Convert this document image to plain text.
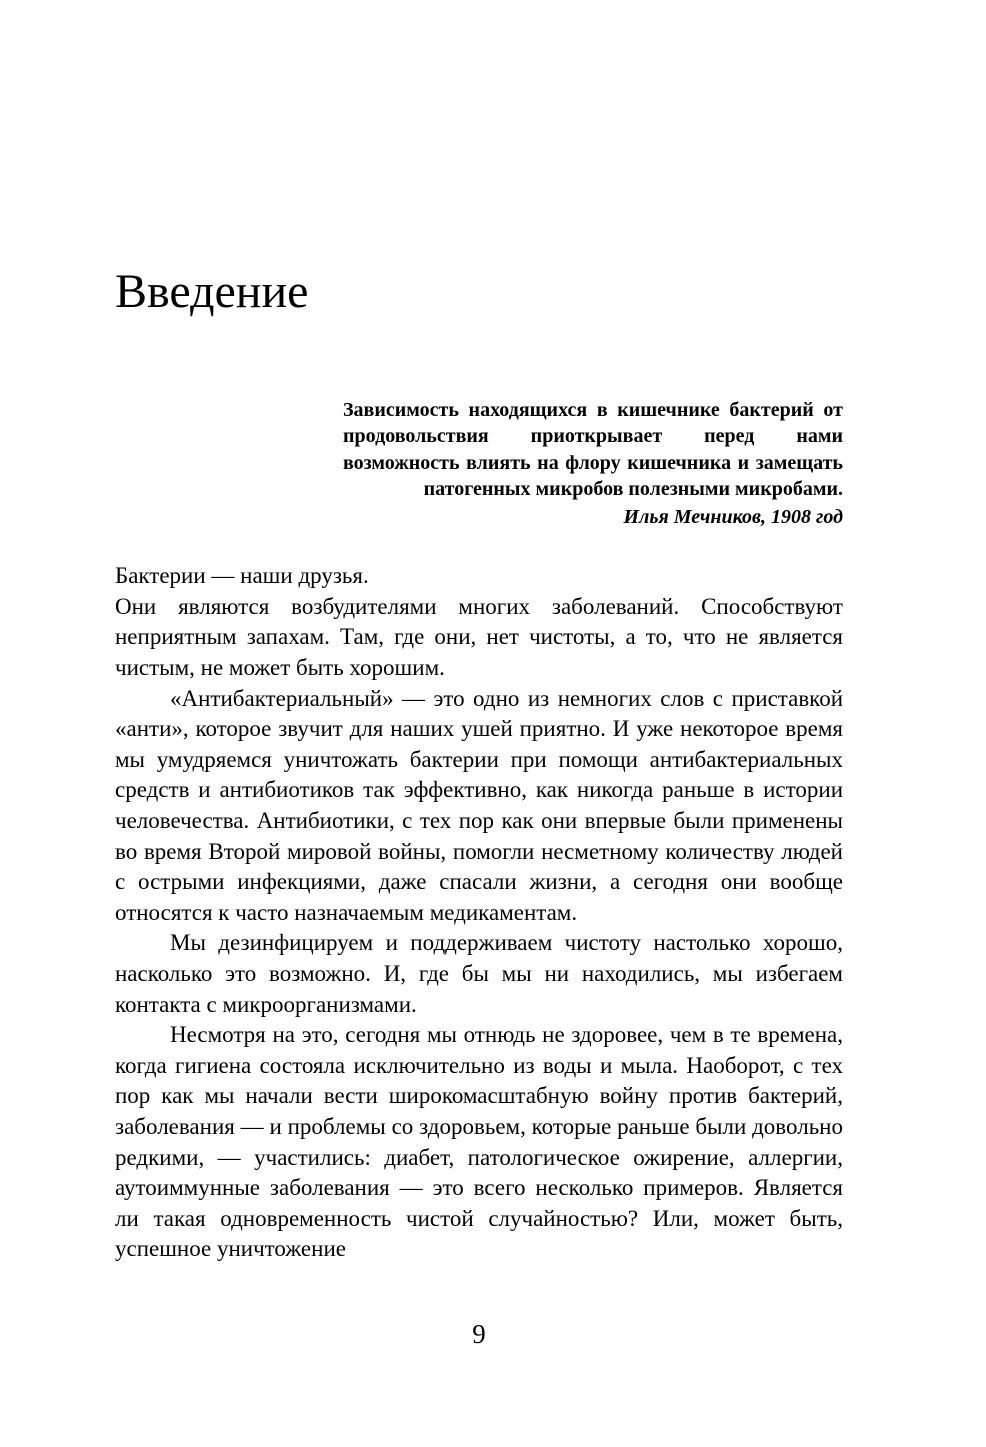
Введение
Зависимость находящихся в кишечнике бактерий от продовольствия приоткрывает перед нами возможность влиять на флору кишечника и замещать патогенных микробов полезными микробами.
Илья Мечников, 1908 год

Бактерии — наши друзья.

Они являются возбудителями многих заболеваний. Способствуют неприятным запахам. Там, где они, нет чистоты, а то, что не является чистым, не может быть хорошим.

«Антибактериальный» — это одно из немногих слов с приставкой «анти», которое звучит для наших ушей приятно. И уже некоторое время мы умудряемся уничтожать бактерии при помощи антибактериальных средств и антибиотиков так эффективно, как никогда раньше в истории человечества. Антибиотики, с тех пор как они впервые были применены во время Второй мировой войны, помогли несметному количеству людей с острыми инфекциями, даже спасали жизни, а сегодня они вообще относятся к часто назначаемым медикаментам.

Мы дезинфицируем и поддерживаем чистоту настолько хорошо, насколько это возможно. И, где бы мы ни находились, мы избегаем контакта с микроорганизмами.

Несмотря на это, сегодня мы отнюдь не здоровее, чем в те времена, когда гигиена состояла исключительно из воды и мыла. Наоборот, с тех пор как мы начали вести широкомасштабную войну против бактерий, заболевания — и проблемы со здоровьем, которые раньше были довольно редкими, — участились: диабет, патологическое ожирение, аллергии, аутоиммунные заболевания — это всего несколько примеров. Является ли такая одновременность чистой случайностью? Или, может быть, успешное уничтожение

9
